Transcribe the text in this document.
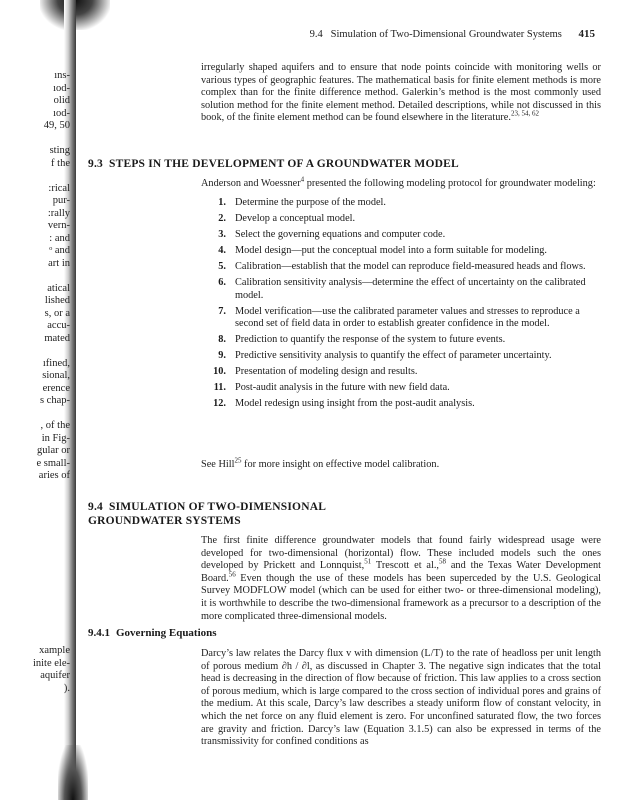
ıns-
ıod-
olid
ıod-
49, 50

sting
f the

:rical
pur-
:rally
vern-
: and
ᵒ and
art in

atical
lished
s, or a
accu-
mated

ıfined,
sional,
erence
s chap-

, of the
in Fig-
gular or
e small-
aries of

xample
inite ele-
aquifer
).
9.4 Simulation of Two-Dimensional Groundwater Systems 415
irregularly shaped aquifers and to ensure that node points coincide with monitoring wells or various types of geographic features. The mathematical basis for finite element methods is more complex than for the finite difference method. Galerkin’s method is the most commonly used solution method for the finite element method. Detailed descriptions, while not discussed in this book, of the finite element method can be found elsewhere in the literature.$^{23, 54, 62}$
9.3 STEPS IN THE DEVELOPMENT OF A GROUNDWATER MODEL
Anderson and Woessner$^4$ presented the following modeling protocol for groundwater modeling:
1. Determine the purpose of the model.
2. Develop a conceptual model.
3. Select the governing equations and computer code.
4. Model design—put the conceptual model into a form suitable for modeling.
5. Calibration—establish that the model can reproduce field-measured heads and flows.
6. Calibration sensitivity analysis—determine the effect of uncertainty on the calibrated model.
7. Model verification—use the calibrated parameter values and stresses to reproduce a second set of field data in order to establish greater confidence in the model.
8. Prediction to quantify the response of the system to future events.
9. Predictive sensitivity analysis to quantify the effect of parameter uncertainty.
10. Presentation of modeling design and results.
11. Post-audit analysis in the future with new field data.
12. Model redesign using insight from the post-audit analysis.
See Hill$^{25}$ for more insight on effective model calibration.
9.4 SIMULATION OF TWO-DIMENSIONAL
GROUNDWATER SYSTEMS
The first finite difference groundwater models that found fairly widespread usage were developed for two-dimensional (horizontal) flow. These included models such the ones developed by Prickett and Lonnquist,$^{51}$ Trescott et al.,$^{58}$ and the Texas Water Development Board.$^{56}$ Even though the use of these models has been superceded by the U.S. Geological Survey MODFLOW model (which can be used for either two- or three-dimensional modeling), it is worthwhile to describe the two-dimensional framework as a precursor to a description of the more complicated three-dimensional models.
9.4.1 Governing Equations
Darcy’s law relates the Darcy flux v with dimension (L/T) to the rate of headloss per unit length of porous medium ∂h / ∂l, as discussed in Chapter 3. The negative sign indicates that the total head is decreasing in the direction of flow because of friction. This law applies to a cross section of porous medium, which is large compared to the cross section of individual pores and grains of the medium. At this scale, Darcy’s law describes a steady uniform flow of constant velocity, in which the net force on any fluid element is zero. For unconfined saturated flow, the two forces are gravity and friction. Darcy’s law (Equation 3.1.5) can also be expressed in terms of the transmissivity for confined conditions as
